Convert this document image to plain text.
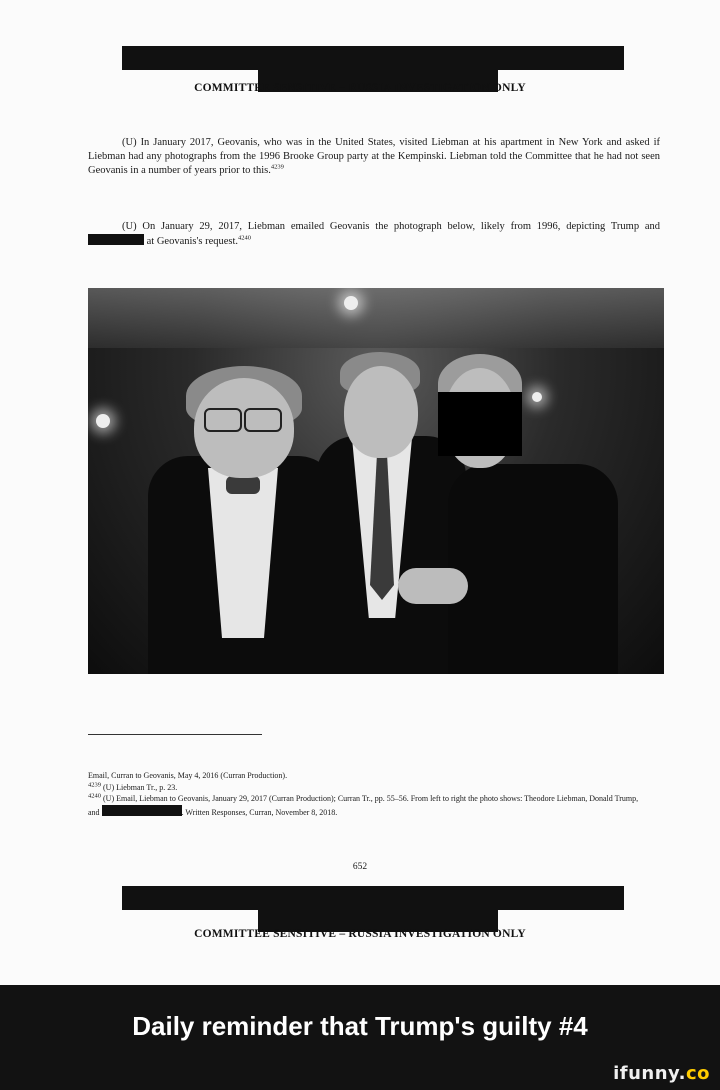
COMMITTEE SENSITIVE – RUSSIA INVESTIGATION ONLY

(U) In January 2017, Geovanis, who was in the United States, visited Liebman at his apartment in New York and asked if Liebman had any photographs from the 1996 Brooke Group party at the Kempinski. Liebman told the Committee that he had not seen Geovanis in a number of years prior to this.$^{4239}$

(U) On January 29, 2017, Liebman emailed Geovanis the photograph below, likely from 1996, depicting Trump and  at Geovanis's request.$^{4240}$

Email, Curran to Geovanis, May 4, 2016 (Curran Production).

$^{4239}$ (U) Liebman Tr., p. 23.

$^{4240}$ (U) Email, Liebman to Geovanis, January 29, 2017 (Curran Production); Curran Tr., pp. 55–56. From left to right the photo shows: Theodore Liebman, Donald Trump, and	. Written Responses, Curran, November 8, 2018.

652
COMMITTEE SENSITIVE – RUSSIA INVESTIGATION ONLY
Daily reminder that Trump's guilty #4
ifunny.co
